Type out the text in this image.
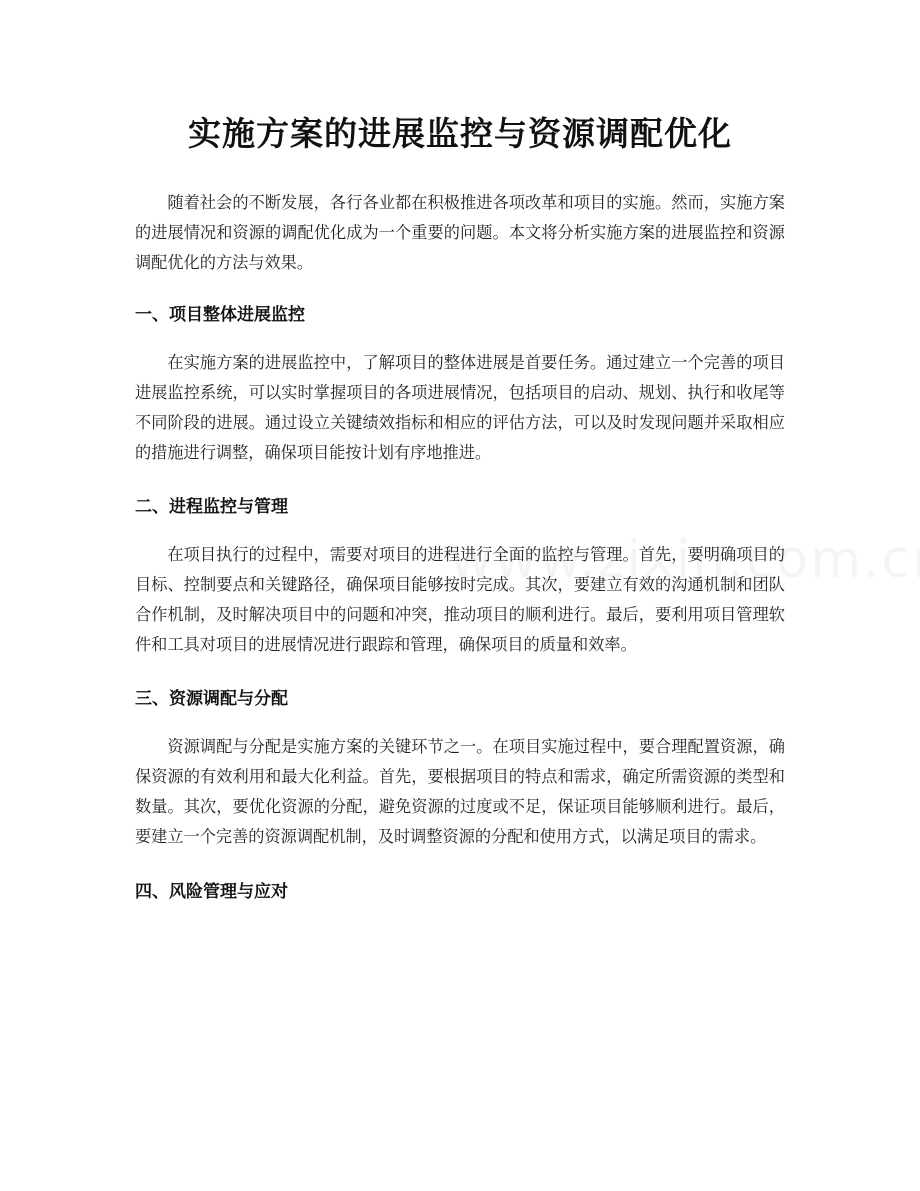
实施方案的进展监控与资源调配优化

随着社会的不断发展，各行各业都在积极推进各项改革和项目的实施。然而，实施方案的进展情况和资源的调配优化成为一个重要的问题。本文将分析实施方案的进展监控和资源调配优化的方法与效果。

一、项目整体进展监控

在实施方案的进展监控中，了解项目的整体进展是首要任务。通过建立一个完善的项目进展监控系统，可以实时掌握项目的各项进展情况，包括项目的启动、规划、执行和收尾等不同阶段的进展。通过设立关键绩效指标和相应的评估方法，可以及时发现问题并采取相应的措施进行调整，确保项目能按计划有序地推进。

二、进程监控与管理

在项目执行的过程中，需要对项目的进程进行全面的监控与管理。首先，要明确项目的目标、控制要点和关键路径，确保项目能够按时完成。其次，要建立有效的沟通机制和团队合作机制，及时解决项目中的问题和冲突，推动项目的顺利进行。最后，要利用项目管理软件和工具对项目的进展情况进行跟踪和管理，确保项目的质量和效率。

三、资源调配与分配

资源调配与分配是实施方案的关键环节之一。在项目实施过程中，要合理配置资源，确保资源的有效利用和最大化利益。首先，要根据项目的特点和需求，确定所需资源的类型和数量。其次，要优化资源的分配，避免资源的过度或不足，保证项目能够顺利进行。最后，要建立一个完善的资源调配机制，及时调整资源的分配和使用方式，以满足项目的需求。

四、风险管理与应对
